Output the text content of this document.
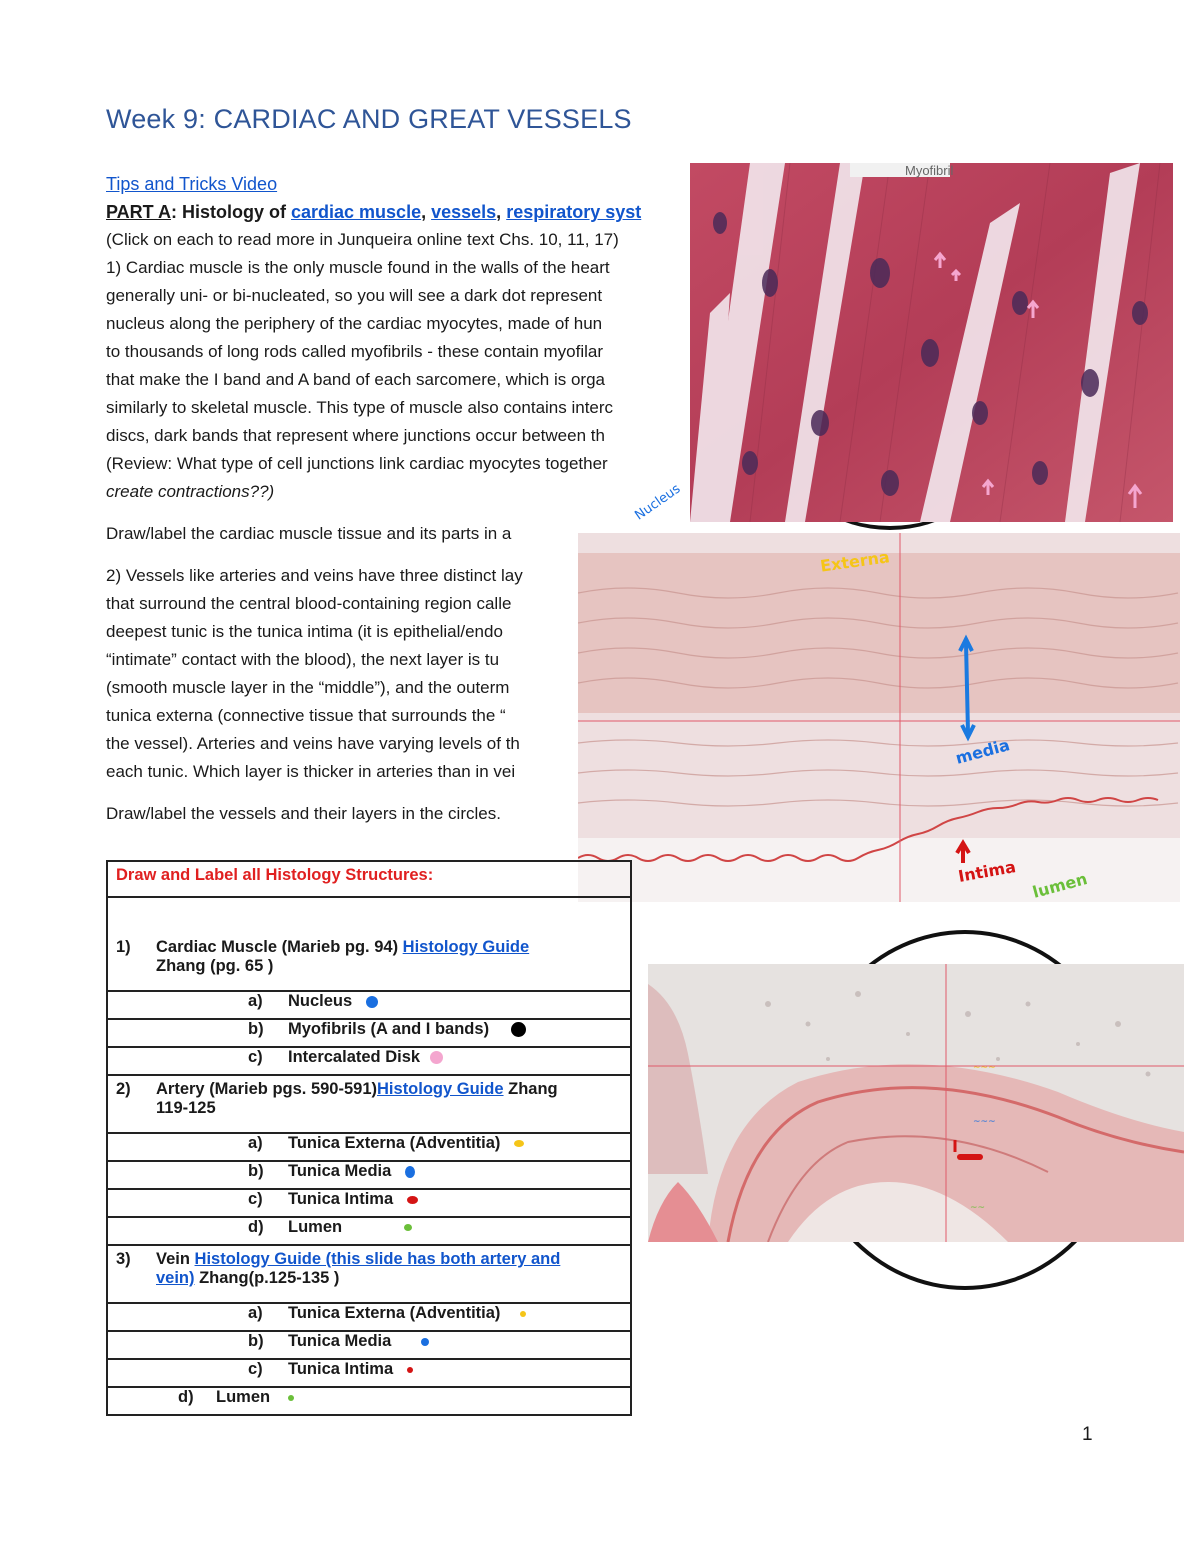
Week 9: CARDIAC AND GREAT VESSELS

Tips and Tricks Video

PART A: Histology of cardiac muscle, vessels, respiratory syst

(Click on each to read more in Junqueira online text Chs. 10, 11, 17)

1) Cardiac muscle is the only muscle found in the walls of the heart

generally uni- or bi-nucleated, so you will see a dark dot represent

nucleus along the periphery of the cardiac myocytes, made of hun

to thousands of long rods called myofibrils - these contain myofilar

that make the I band and A band of each sarcomere, which is orga

similarly to skeletal muscle. This type of muscle also contains interc

discs, dark bands that represent where junctions occur between th

(Review: What type of cell junctions link cardiac myocytes together

create contractions??)

Draw/label the cardiac muscle tissue and its parts in a

2) Vessels like arteries and veins have three distinct lay

that surround the central blood-containing region calle

deepest tunic is the tunica intima (it is epithelial/endo

“intimate” contact with the blood), the next layer is tu

(smooth muscle layer in the “middle”), and the outerm

tunica externa (connective tissue that surrounds the “

the vessel). Arteries and veins have varying levels of th

each tunic. Which layer is thicker in arteries than in vei

Draw/label the vessels and their layers in the circles.

Myofibril
Nucleus
Externa
media
Intima lumen
~~~
~~~
~~
Draw and Label all Histology Structures:

1) Cardiac Muscle (Marieb pg. 94) Histology Guide
Zhang (pg. 65 )
a) Nucleus
b) Myofibrils (A and I bands)
c) Intercalated Disk
2) Artery (Marieb pgs. 590-591)Histology Guide Zhang
119-125
a) Tunica Externa (Adventitia)
b) Tunica Media
c) Tunica Intima
d) Lumen
3) Vein Histology Guide (this slide has both artery and
vein) Zhang(p.125-135 )
a) Tunica Externa (Adventitia)
b) Tunica Media
c) Tunica Intima
d) Lumen
1
